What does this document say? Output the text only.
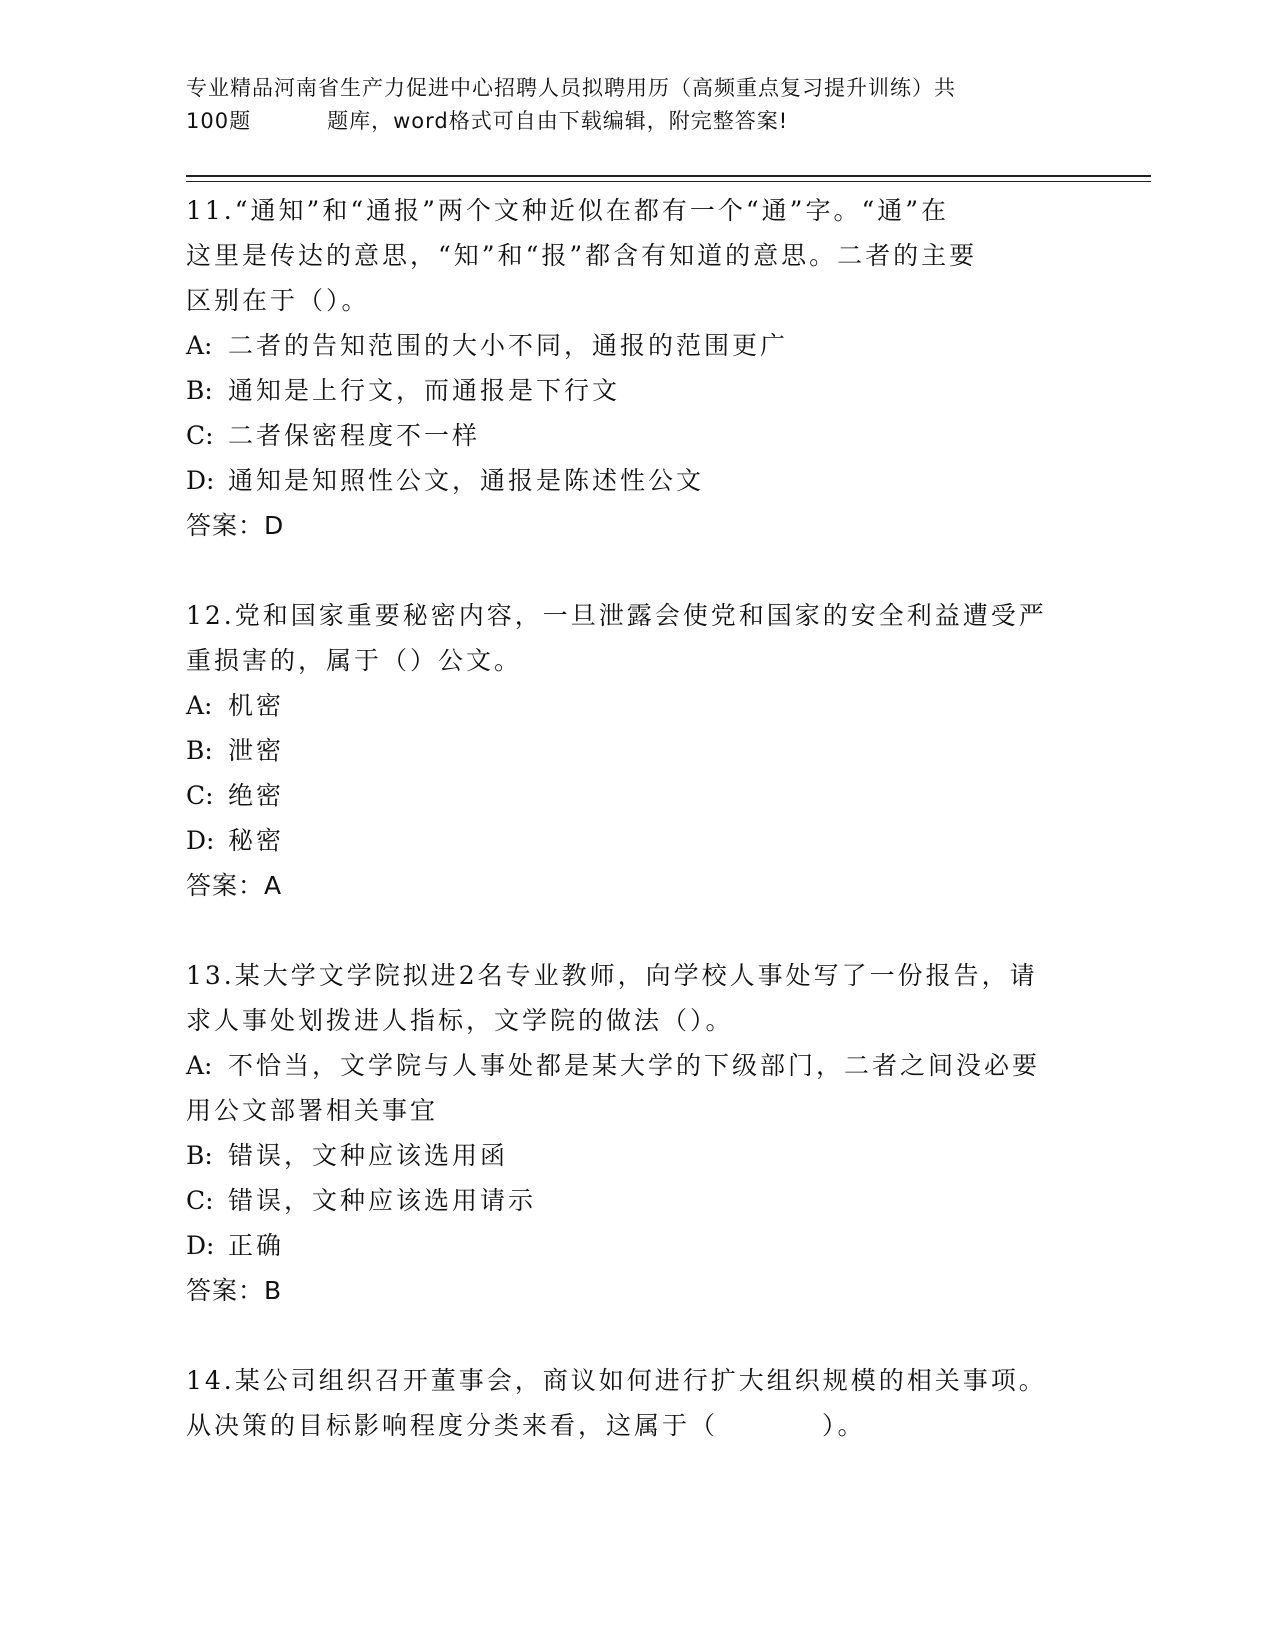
专业精品河南省生产力促进中心招聘人员拟聘用历（高频重点复习提升训练）共
100题	题库，word格式可自由下载编辑，附完整答案!

11.“通知”和“通报”两个文种近似在都有一个“通”字。“通”在

这里是传达的意思，“知”和“报”都含有知道的意思。二者的主要

区别在于（）。

A: 二者的告知范围的大小不同，通报的范围更广

B: 通知是上行文，而通报是下行文

C: 二者保密程度不一样

D: 通知是知照性公文，通报是陈述性公文

答案：D

12.党和国家重要秘密内容，一旦泄露会使党和国家的安全利益遭受严

重损害的，属于（）公文。

A: 机密

B: 泄密

C: 绝密

D: 秘密

答案：A

13.某大学文学院拟进2名专业教师，向学校人事处写了一份报告，请

求人事处划拨进人指标，文学院的做法（）。

A: 不恰当，文学院与人事处都是某大学的下级部门，二者之间没必要

用公文部署相关事宜

B: 错误，文种应该选用函

C: 错误，文种应该选用请示

D: 正确

答案：B

14.某公司组织召开董事会，商议如何进行扩大组织规模的相关事项。

从决策的目标影响程度分类来看，这属于（	）。
